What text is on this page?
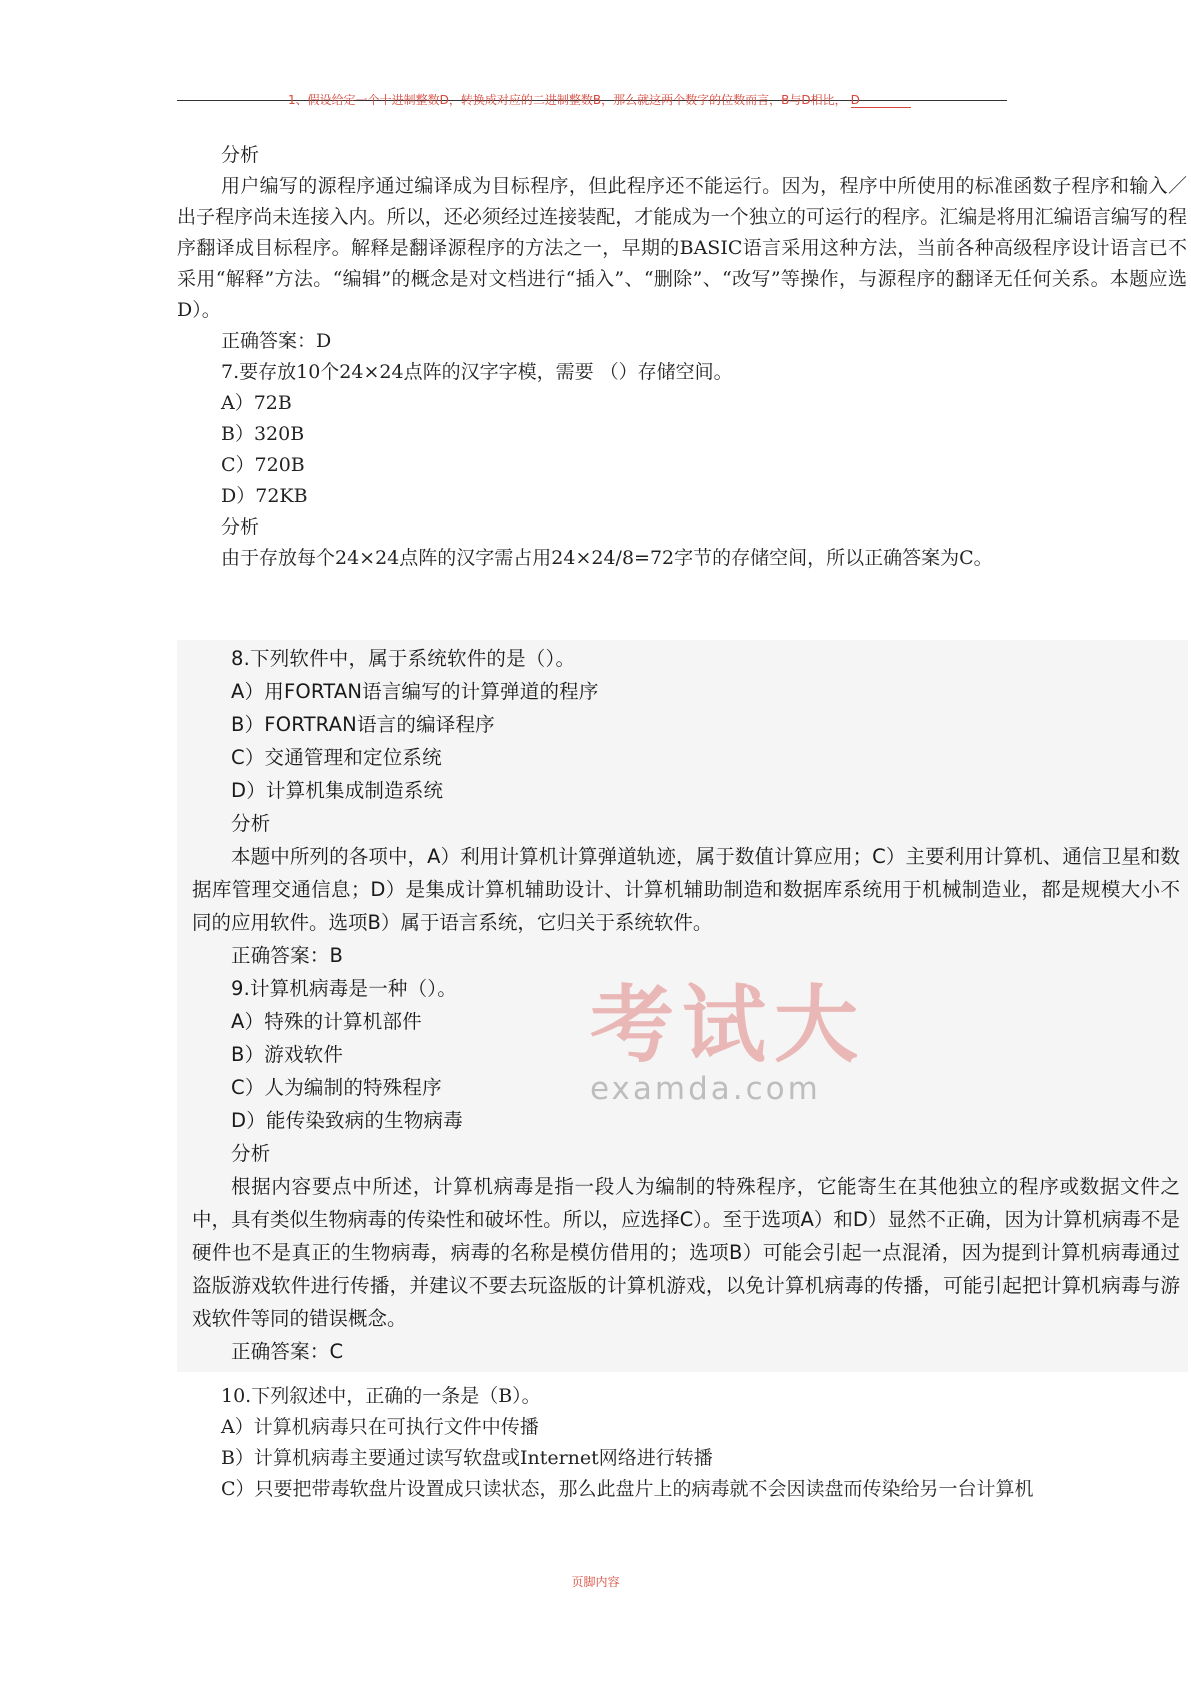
1、假设给定一个十进制整数D，转换成对应的二进制整数B，那么就这两个数字的位数而言，B与D相比， D
分析
用户编写的源程序通过编译成为目标程序，但此程序还不能运行。因为，程序中所使用的标准函数子程序和输入／出子程序尚未连接入内。所以，还必须经过连接装配，才能成为一个独立的可运行的程序。汇编是将用汇编语言编写的程序翻译成目标程序。解释是翻译源程序的方法之一，早期的BASIC语言采用这种方法，当前各种高级程序设计语言已不采用“解释”方法。“编辑”的概念是对文档进行“插入”、“删除”、“改写”等操作，与源程序的翻译无任何关系。本题应选D）。
正确答案：D
7.要存放10个24×24点阵的汉字字模，需要 （）存储空间。
A）72B
B）320B
C）720B
D）72KB
分析
由于存放每个24×24点阵的汉字需占用24×24/8=72字节的存储空间，所以正确答案为C。
8.下列软件中，属于系统软件的是（）。
A）用FORTAN语言编写的计算弹道的程序
B）FORTRAN语言的编译程序
C）交通管理和定位系统
D）计算机集成制造系统
分析
本题中所列的各项中，A）利用计算机计算弹道轨迹，属于数值计算应用；C）主要利用计算机、通信卫星和数据库管理交通信息；D）是集成计算机辅助设计、计算机辅助制造和数据库系统用于机械制造业，都是规模大小不同的应用软件。选项B）属于语言系统，它归关于系统软件。
正确答案：B
9.计算机病毒是一种（）。
A）特殊的计算机部件
B）游戏软件
C）人为编制的特殊程序
D）能传染致病的生物病毒
分析
根据内容要点中所述，计算机病毒是指一段人为编制的特殊程序，它能寄生在其他独立的程序或数据文件之中，具有类似生物病毒的传染性和破坏性。所以，应选择C）。至于选项A）和D）显然不正确，因为计算机病毒不是硬件也不是真正的生物病毒，病毒的名称是模仿借用的；选项B）可能会引起一点混淆，因为提到计算机病毒通过盗版游戏软件进行传播，并建议不要去玩盗版的计算机游戏，以免计算机病毒的传播，可能引起把计算机病毒与游戏软件等同的错误概念。
正确答案：C
考试大
examda.com
10.下列叙述中，正确的一条是（B）。
A）计算机病毒只在可执行文件中传播
B）计算机病毒主要通过读写软盘或Internet网络进行转播
C）只要把带毒软盘片设置成只读状态，那么此盘片上的病毒就不会因读盘而传染给另一台计算机
页脚内容
